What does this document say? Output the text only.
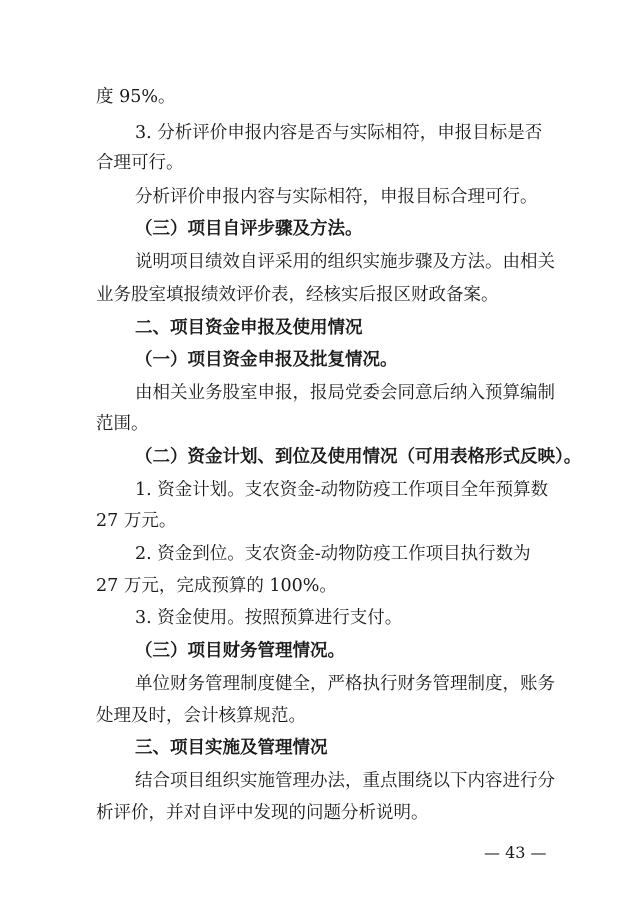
度 95%。
3. 分析评价申报内容是否与实际相符，申报目标是否
合理可行。
分析评价申报内容与实际相符，申报目标合理可行。
（三）项目自评步骤及方法。
说明项目绩效自评采用的组织实施步骤及方法。由相关
业务股室填报绩效评价表，经核实后报区财政备案。
二、项目资金申报及使用情况
（一）项目资金申报及批复情况。
由相关业务股室申报，报局党委会同意后纳入预算编制
范围。
（二）资金计划、到位及使用情况（可用表格形式反映）。
1. 资金计划。支农资金-动物防疫工作项目全年预算数
27 万元。
2. 资金到位。支农资金-动物防疫工作项目执行数为
27 万元，完成预算的 100%。
3. 资金使用。按照预算进行支付。
（三）项目财务管理情况。
单位财务管理制度健全，严格执行财务管理制度，账务
处理及时，会计核算规范。
三、项目实施及管理情况
结合项目组织实施管理办法，重点围绕以下内容进行分
析评价，并对自评中发现的问题分析说明。
— 43 —
